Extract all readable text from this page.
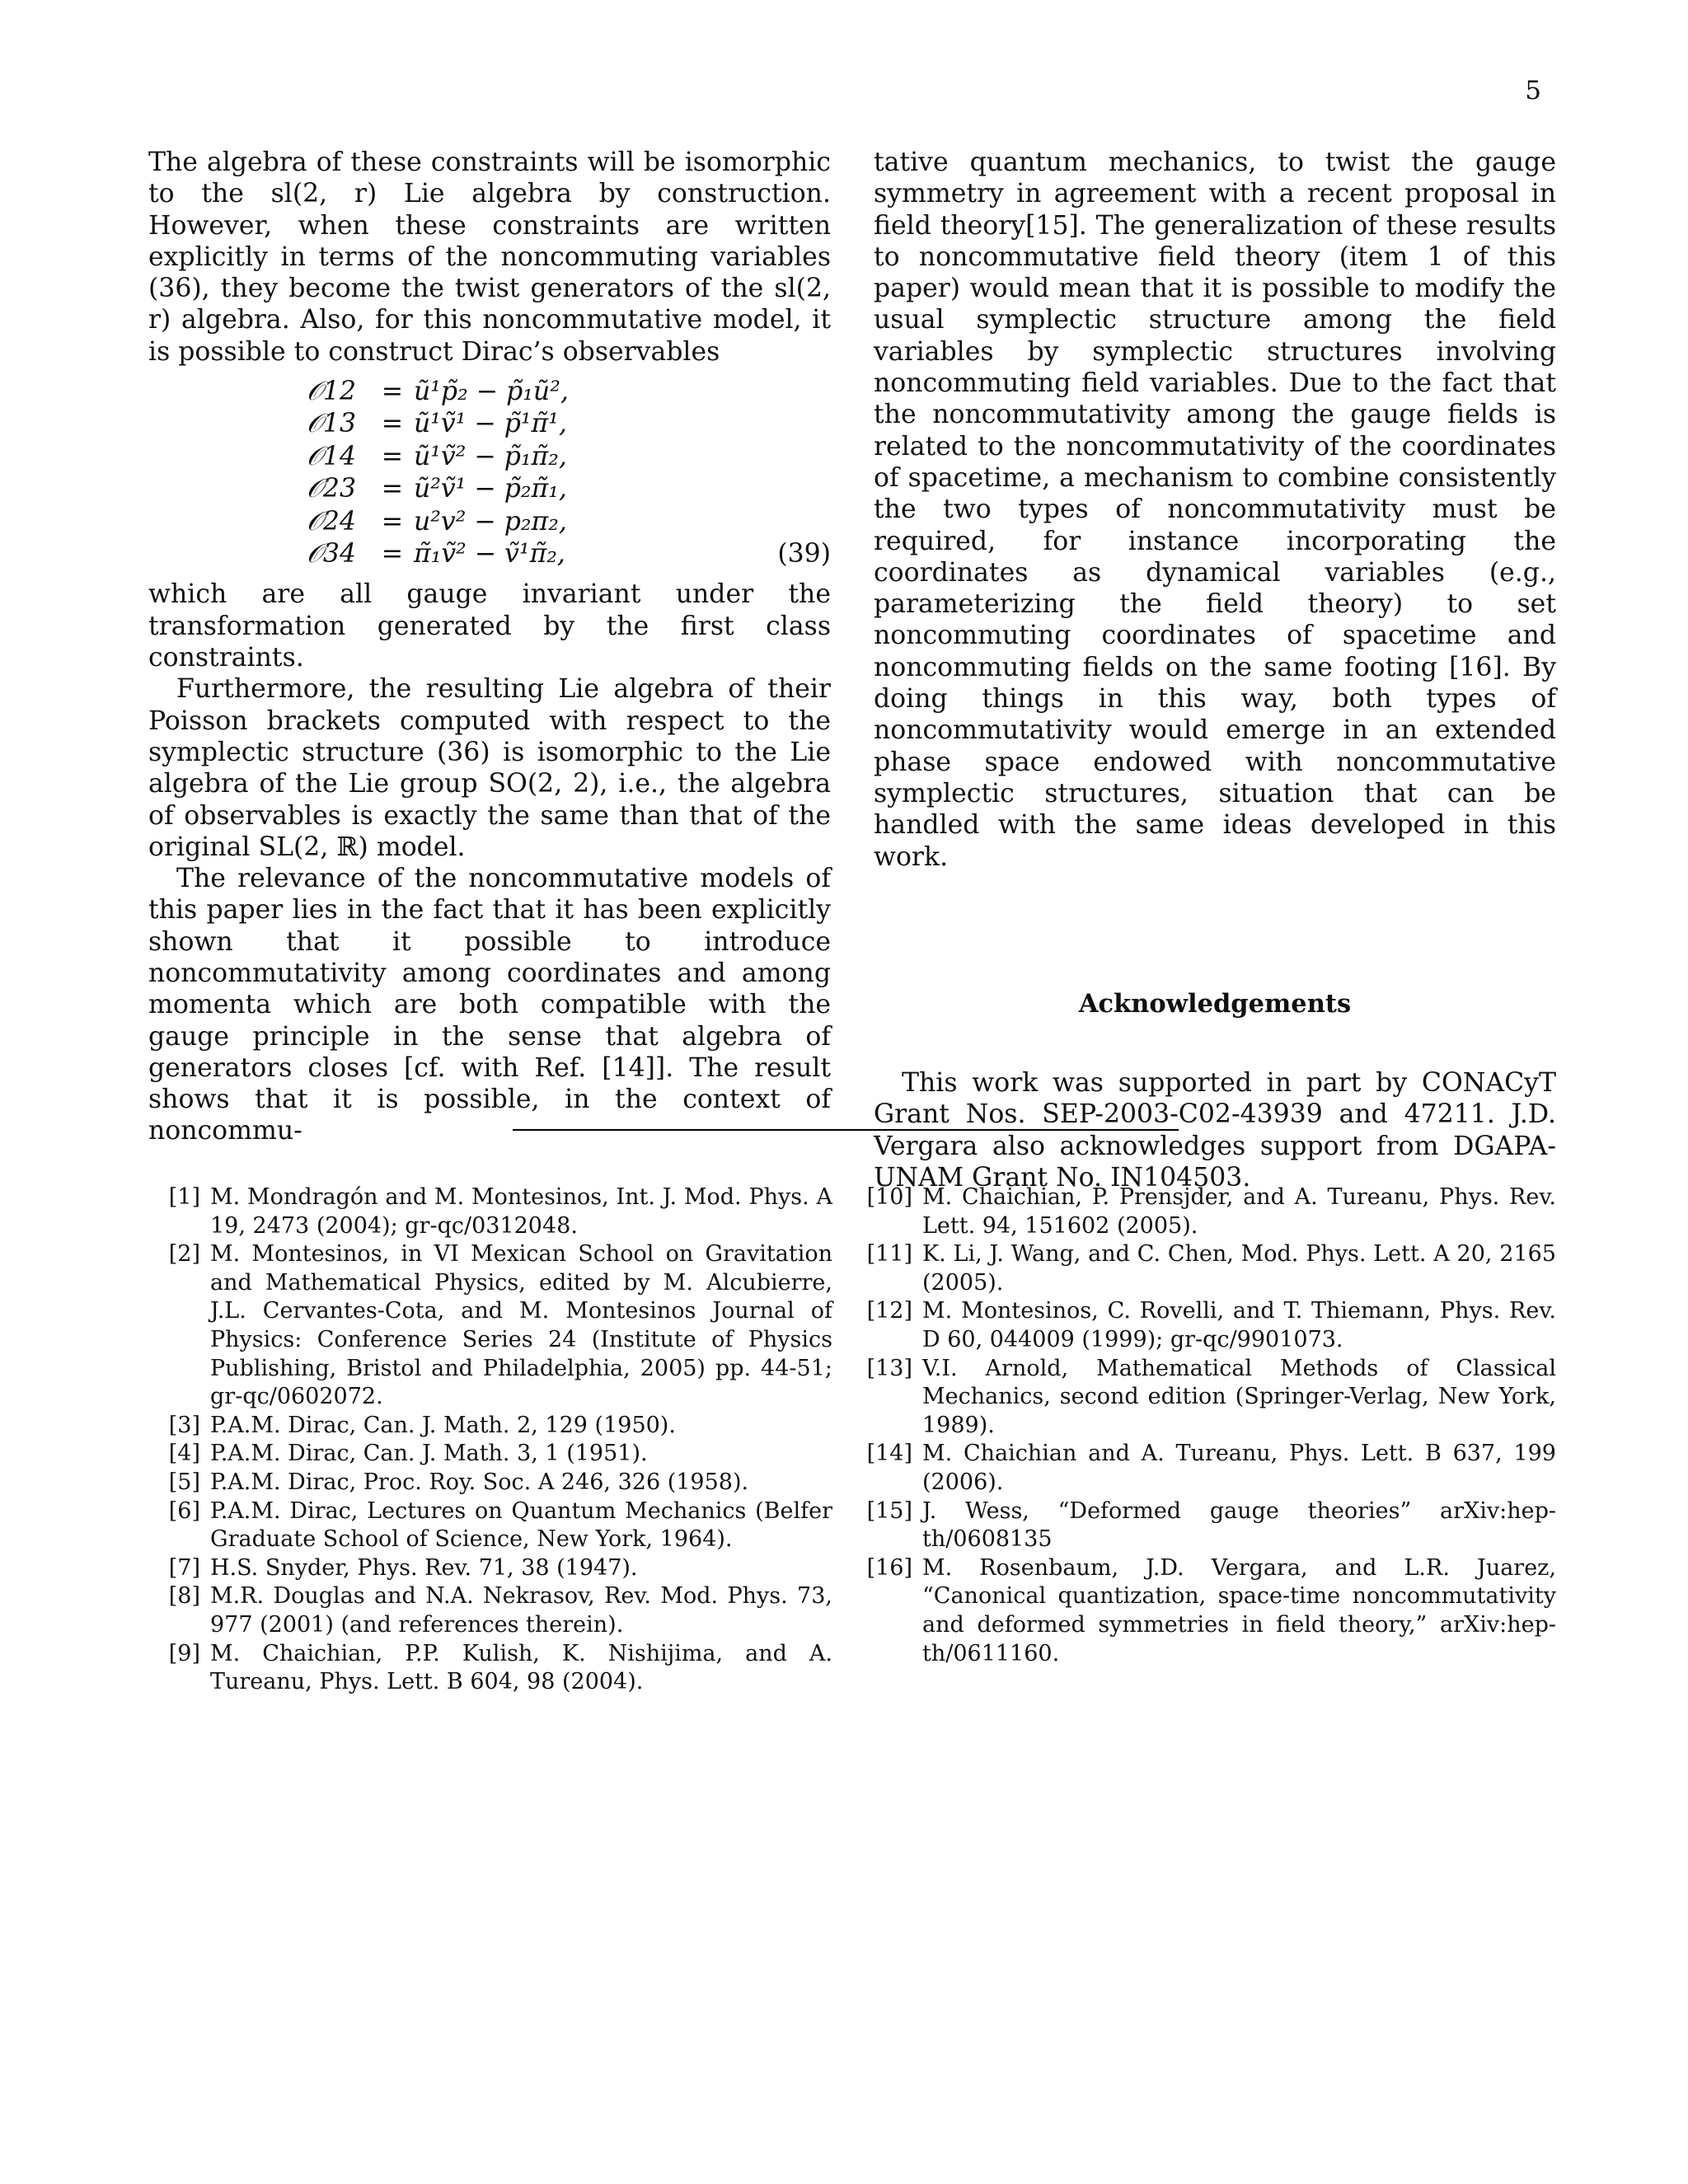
5

The algebra of these constraints will be isomorphic to the sl(2, r) Lie algebra by construction. However, when these constraints are written explicitly in terms of the noncommuting variables (36), they become the twist generators of the sl(2, r) algebra. Also, for this noncommutative model, it is possible to construct Dirac’s observables

𝒪12 = ũ¹p̃₂ − p̃₁ũ²,
𝒪13 = ũ¹ṽ¹ − p̃¹π̃¹,
𝒪14 = ũ¹ṽ² − p̃₁π̃₂,
𝒪23 = ũ²ṽ¹ − p̃₂π̃₁,
𝒪24 = u²v² − p₂π₂,
𝒪34 = π̃₁ṽ² − ṽ¹π̃₂,	(39)

which are all gauge invariant under the transformation generated by the first class constraints.

Furthermore, the resulting Lie algebra of their Poisson brackets computed with respect to the symplectic structure (36) is isomorphic to the Lie algebra of the Lie group SO(2, 2), i.e., the algebra of observables is exactly the same than that of the original SL(2, ℝ) model.

The relevance of the noncommutative models of this paper lies in the fact that it has been explicitly shown that it possible to introduce noncommutativity among coordinates and among momenta which are both compatible with the gauge principle in the sense that algebra of generators closes [cf. with Ref. [14]]. The result shows that it is possible, in the context of noncommu-

tative quantum mechanics, to twist the gauge symmetry in agreement with a recent proposal in field theory[15]. The generalization of these results to noncommutative field theory (item 1 of this paper) would mean that it is possible to modify the usual symplectic structure among the field variables by symplectic structures involving noncommuting field variables. Due to the fact that the noncommutativity among the gauge fields is related to the noncommutativity of the coordinates of spacetime, a mechanism to combine consistently the two types of noncommutativity must be required, for instance incorporating the coordinates as dynamical variables (e.g., parameterizing the field theory) to set noncommuting coordinates of spacetime and noncommuting fields on the same footing [16]. By doing things in this way, both types of noncommutativity would emerge in an extended phase space endowed with noncommutative symplectic structures, situation that can be handled with the same ideas developed in this work.

Acknowledgements

This work was supported in part by CONACyT Grant Nos. SEP-2003-C02-43939 and 47211. J.D. Vergara also acknowledges support from DGAPA-UNAM Grant No. IN104503.

[1] M. Mondragón and M. Montesinos, Int. J. Mod. Phys. A 19, 2473 (2004); gr-qc/0312048.
[2] M. Montesinos, in VI Mexican School on Gravitation and Mathematical Physics, edited by M. Alcubierre, J.L. Cervantes-Cota, and M. Montesinos Journal of Physics: Conference Series 24 (Institute of Physics Publishing, Bristol and Philadelphia, 2005) pp. 44-51; gr-qc/0602072.
[3] P.A.M. Dirac, Can. J. Math. 2, 129 (1950).
[4] P.A.M. Dirac, Can. J. Math. 3, 1 (1951).
[5] P.A.M. Dirac, Proc. Roy. Soc. A 246, 326 (1958).
[6] P.A.M. Dirac, Lectures on Quantum Mechanics (Belfer Graduate School of Science, New York, 1964).
[7] H.S. Snyder, Phys. Rev. 71, 38 (1947).
[8] M.R. Douglas and N.A. Nekrasov, Rev. Mod. Phys. 73, 977 (2001) (and references therein).
[9] M. Chaichian, P.P. Kulish, K. Nishijima, and A. Tureanu, Phys. Lett. B 604, 98 (2004).
[10] M. Chaichian, P. Prensjder, and A. Tureanu, Phys. Rev. Lett. 94, 151602 (2005).
[11] K. Li, J. Wang, and C. Chen, Mod. Phys. Lett. A 20, 2165 (2005).
[12] M. Montesinos, C. Rovelli, and T. Thiemann, Phys. Rev. D 60, 044009 (1999); gr-qc/9901073.
[13] V.I. Arnold, Mathematical Methods of Classical Mechanics, second edition (Springer-Verlag, New York, 1989).
[14] M. Chaichian and A. Tureanu, Phys. Lett. B 637, 199 (2006).
[15] J. Wess, “Deformed gauge theories” arXiv:hep-th/0608135
[16] M. Rosenbaum, J.D. Vergara, and L.R. Juarez, “Canonical quantization, space-time noncommutativity and deformed symmetries in field theory,” arXiv:hep-th/0611160.
